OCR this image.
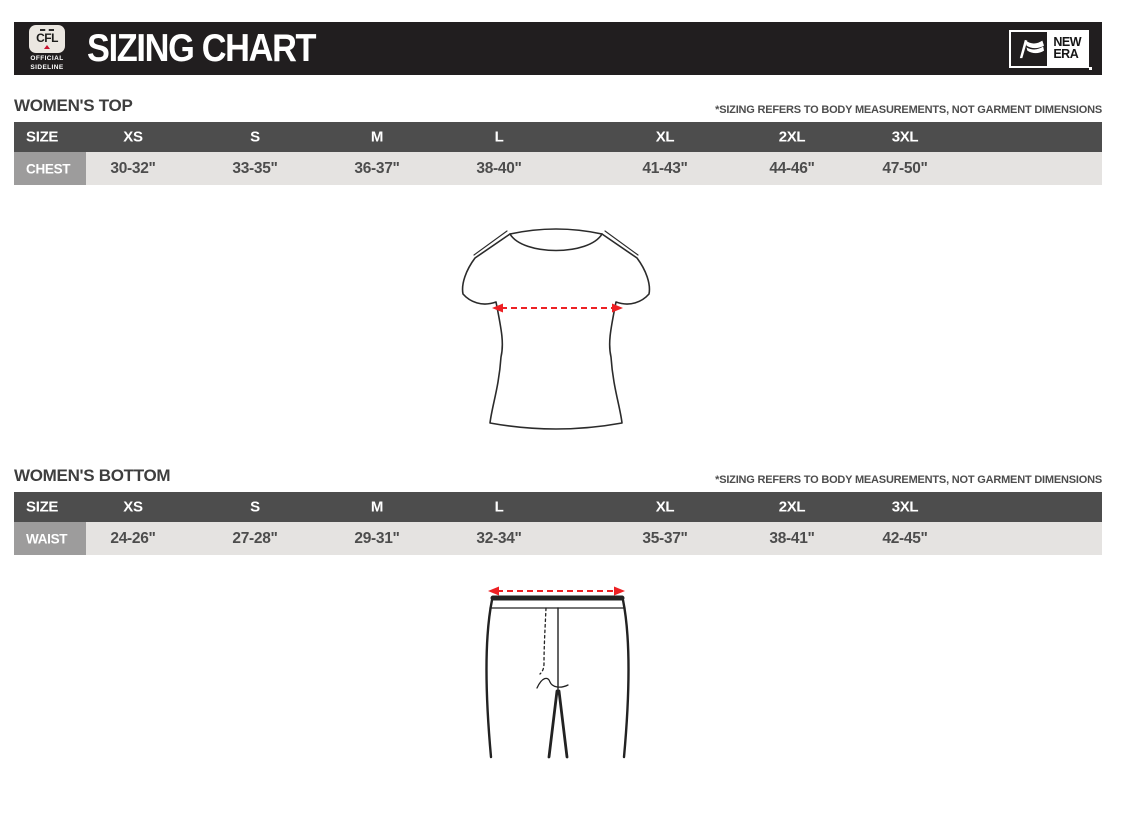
CFL
OFFICIAL
SIDELINE SIZING CHART	NEW
ERA
WOMEN'S TOP	*SIZING REFERS TO BODY MEASUREMENTS, NOT GARMENT DIMENSIONS
SIZE	XS	S	M	L	XL	2XL	3XL
CHEST	30-32"	33-35"	36-37"	38-40"	41-43"	44-46"	47-50"
WOMEN'S BOTTOM	*SIZING REFERS TO BODY MEASUREMENTS, NOT GARMENT DIMENSIONS
SIZE	XS	S	M	L	XL	2XL	3XL
WAIST	24-26"	27-28"	29-31"	32-34"	35-37"	38-41"	42-45"
